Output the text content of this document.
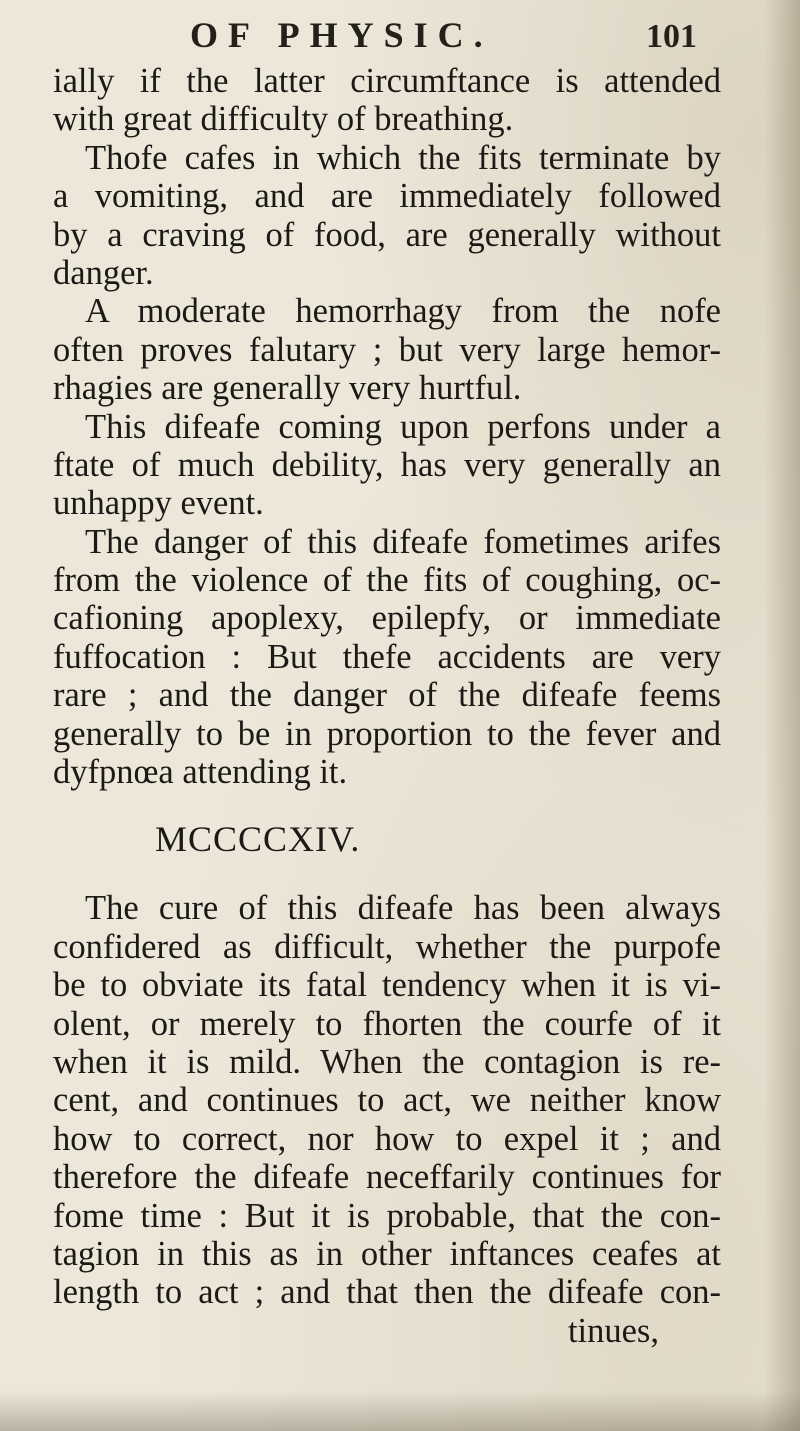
OF PHYSIC.	101
ially if the latter circumftance is attended
with great difficulty of breathing.
Thofe cafes in which the fits terminate by
a vomiting, and are immediately followed
by a craving of food, are generally without
danger.
A moderate hemorrhagy from the nofe
often proves falutary ; but very large hemor-
rhagies are generally very hurtful.
This difeafe coming upon perfons under a
ftate of much debility, has very generally an
unhappy event.
The danger of this difeafe fometimes arifes
from the violence of the fits of coughing, oc-
cafioning apoplexy, epilepfy, or immediate
fuffocation : But thefe accidents are very
rare ; and the danger of the difeafe feems
generally to be in proportion to the fever and
dyfpnœa attending it.
MCCCCXIV.
The cure of this difeafe has been always
confidered as difficult, whether the purpofe
be to obviate its fatal tendency when it is vi-
olent, or merely to fhorten the courfe of it
when it is mild. When the contagion is re-
cent, and continues to act, we neither know
how to correct, nor how to expel it ; and
therefore the difeafe neceffarily continues for
fome time : But it is probable, that the con-
tagion in this as in other inftances ceafes at
length to act ; and that then the difeafe con-
tinues,
